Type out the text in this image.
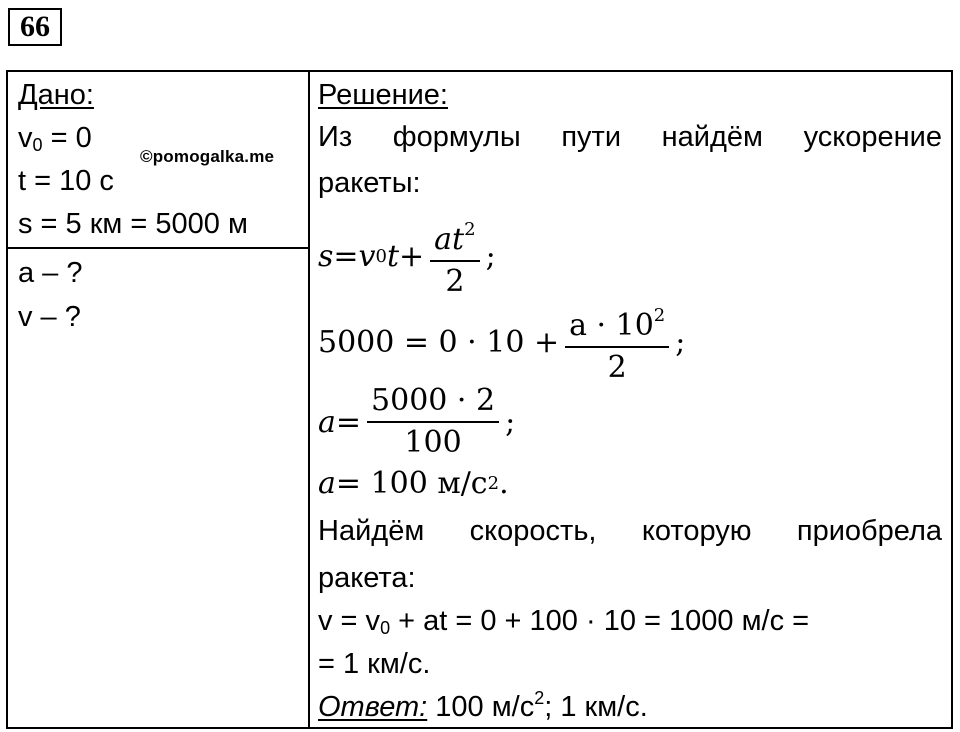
66
Дано:
$v_0 = 0$
©pomogalka.me
t = 10 с
s = 5 км = 5000 м
a – ?
v – ?
Решение:
Из формулы пути найдём ускорение
ракеты:
s = v 0 $t + \frac{at^2}{2}$ ;
$5000 = 0 \cdot 10 + \frac{a \cdot 10^2}{2}$ ;
$a = \frac{5000 \cdot 2}{100}$ ;
a = 100 м/с 2 .
Найдём скорость, которую приобрела
ракета:
$v = v_0$ + at = 0 + 100 · 10 = 1000 м/с =
= 1 км/с.
Ответ: 100 $м/с^2$; 1 км/с.
